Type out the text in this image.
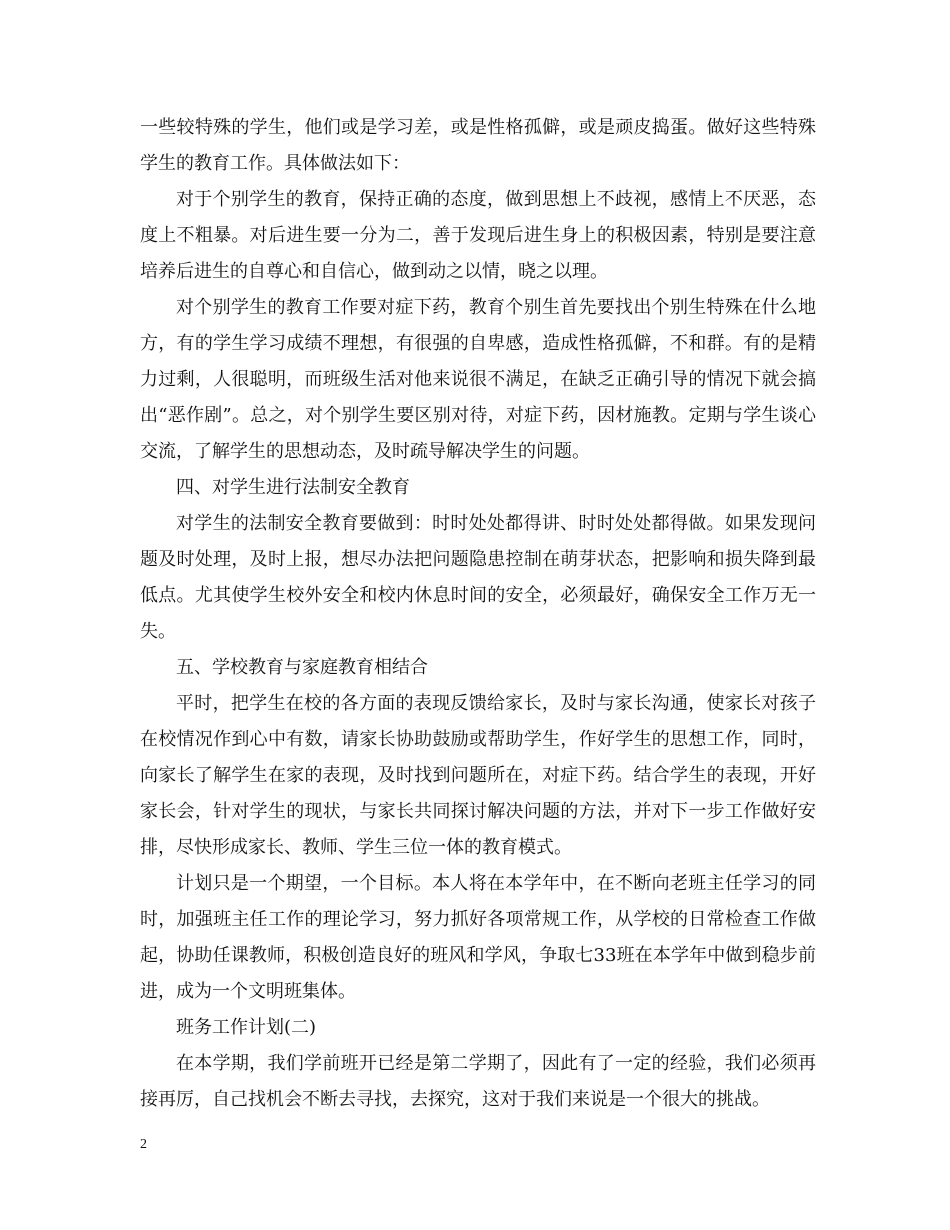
一些较特殊的学生，他们或是学习差，或是性格孤僻，或是顽皮捣蛋。做好这些特殊学生的教育工作。具体做法如下：

对于个别学生的教育，保持正确的态度，做到思想上不歧视，感情上不厌恶，态度上不粗暴。对后进生要一分为二，善于发现后进生身上的积极因素，特别是要注意培养后进生的自尊心和自信心，做到动之以情，晓之以理。

对个别学生的教育工作要对症下药，教育个别生首先要找出个别生特殊在什么地方，有的学生学习成绩不理想，有很强的自卑感，造成性格孤僻，不和群。有的是精力过剩，人很聪明，而班级生活对他来说很不满足，在缺乏正确引导的情况下就会搞出“恶作剧”。总之，对个别学生要区别对待，对症下药，因材施教。定期与学生谈心交流，了解学生的思想动态，及时疏导解决学生的问题。

四、对学生进行法制安全教育

对学生的法制安全教育要做到：时时处处都得讲、时时处处都得做。如果发现问题及时处理，及时上报，想尽办法把问题隐患控制在萌芽状态，把影响和损失降到最低点。尤其使学生校外安全和校内休息时间的安全，必须最好，确保安全工作万无一失。

五、学校教育与家庭教育相结合

平时，把学生在校的各方面的表现反馈给家长，及时与家长沟通，使家长对孩子在校情况作到心中有数，请家长协助鼓励或帮助学生，作好学生的思想工作，同时，向家长了解学生在家的表现，及时找到问题所在，对症下药。结合学生的表现，开好家长会，针对学生的现状，与家长共同探讨解决问题的方法，并对下一步工作做好安排，尽快形成家长、教师、学生三位一体的教育模式。

计划只是一个期望，一个目标。本人将在本学年中，在不断向老班主任学习的同时，加强班主任工作的理论学习，努力抓好各项常规工作，从学校的日常检查工作做起，协助任课教师，积极创造良好的班风和学风，争取七33班在本学年中做到稳步前进，成为一个文明班集体。

班务工作计划(二)

在本学期，我们学前班开已经是第二学期了，因此有了一定的经验，我们必须再接再厉，自己找机会不断去寻找，去探究，这对于我们来说是一个很大的挑战。

2
